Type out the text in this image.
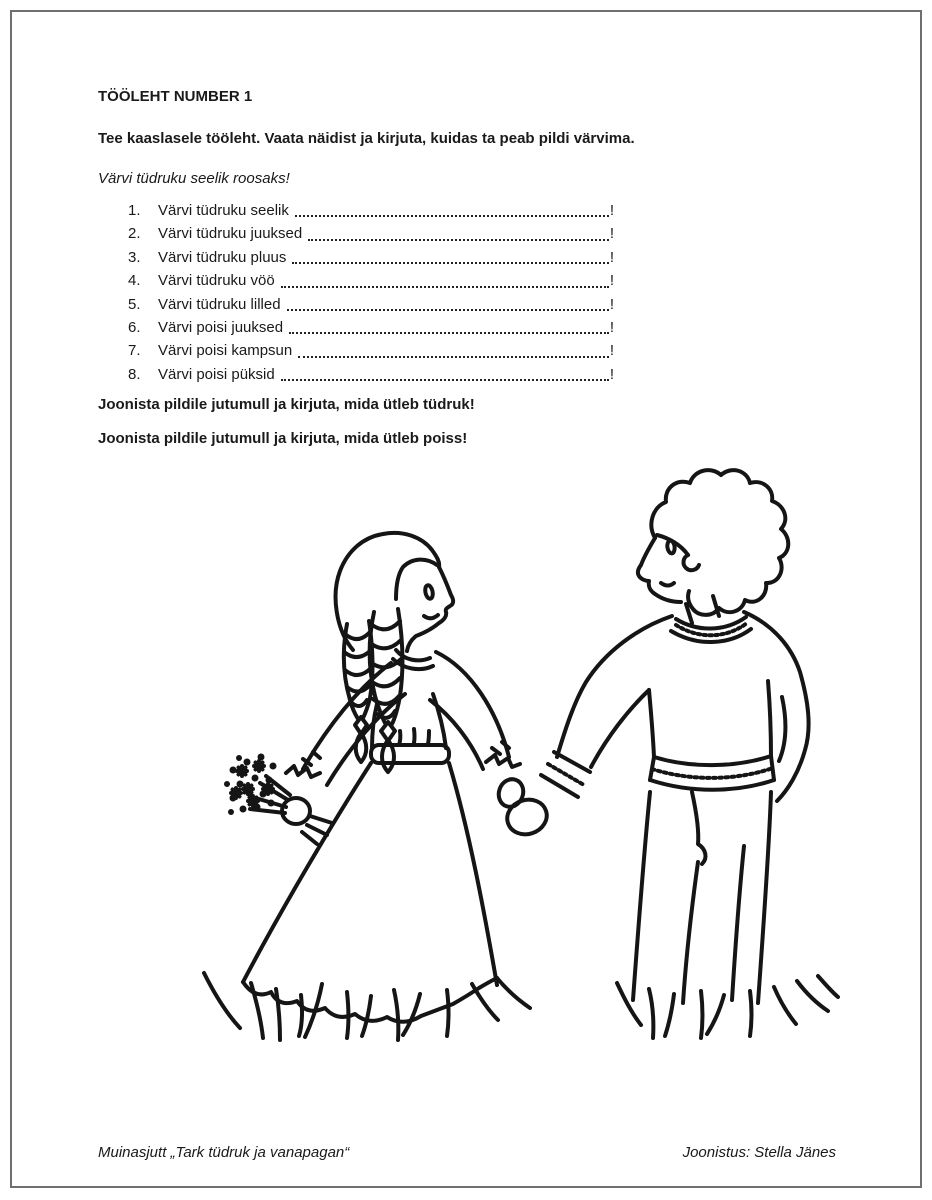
TÖÖLEHT NUMBER 1
Tee kaaslasele tööleht. Vaata näidist ja kirjuta, kuidas ta peab pildi värvima.
Värvi tüdruku seelik roosaks!
1.	Värvi tüdruku seelik	!
2.	Värvi tüdruku juuksed	!
3.	Värvi tüdruku pluus	!
4.	Värvi tüdruku vöö	!
5.	Värvi tüdruku lilled	!
6.	Värvi poisi juuksed	!
7.	Värvi poisi kampsun	!
8.	Värvi poisi püksid	!
Joonista pildile jutumull ja kirjuta, mida ütleb tüdruk!
Joonista pildile jutumull ja kirjuta, mida ütleb poiss!
Muinasjutt „Tark tüdruk ja vanapagan“	Joonistus: Stella Jänes
